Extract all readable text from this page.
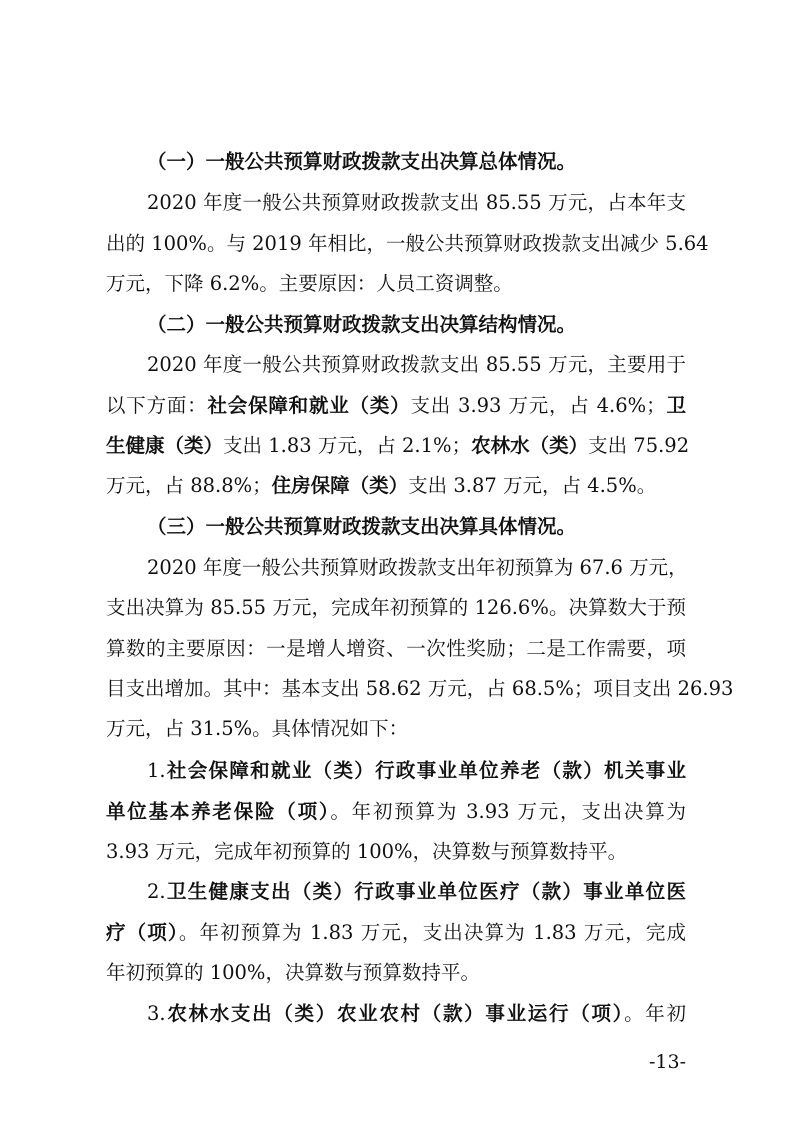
（一）一般公共预算财政拨款支出决算总体情况。
2020 年度一般公共预算财政拨款支出 85.55 万元，占本年支
出的 100%。与 2019 年相比，一般公共预算财政拨款支出减少 5.64
万元，下降 6.2%。主要原因：人员工资调整。
（二）一般公共预算财政拨款支出决算结构情况。
2020 年度一般公共预算财政拨款支出 85.55 万元，主要用于
以下方面：社会保障和就业（类）支出 3.93 万元，占 4.6%；卫
生健康（类）支出 1.83 万元，占 2.1%；农林水（类）支出 75.92
万元，占 88.8%；住房保障（类）支出 3.87 万元，占 4.5%。
（三）一般公共预算财政拨款支出决算具体情况。
2020 年度一般公共预算财政拨款支出年初预算为 67.6 万元，
支出决算为 85.55 万元，完成年初预算的 126.6%。决算数大于预
算数的主要原因：一是增人增资、一次性奖励；二是工作需要，项
目支出增加。其中：基本支出 58.62 万元，占 68.5%；项目支出 26.93
万元，占 31.5%。具体情况如下：
1.社会保障和就业（类）行政事业单位养老（款）机关事业
单位基本养老保险（项）。年初预算为 3.93 万元，支出决算为
3.93 万元，完成年初预算的 100%，决算数与预算数持平。
2.卫生健康支出（类）行政事业单位医疗（款）事业单位医
疗（项）。年初预算为 1.83 万元，支出决算为 1.83 万元，完成
年初预算的 100%，决算数与预算数持平。
3.农林水支出（类）农业农村（款）事业运行（项）。年初
-13-
